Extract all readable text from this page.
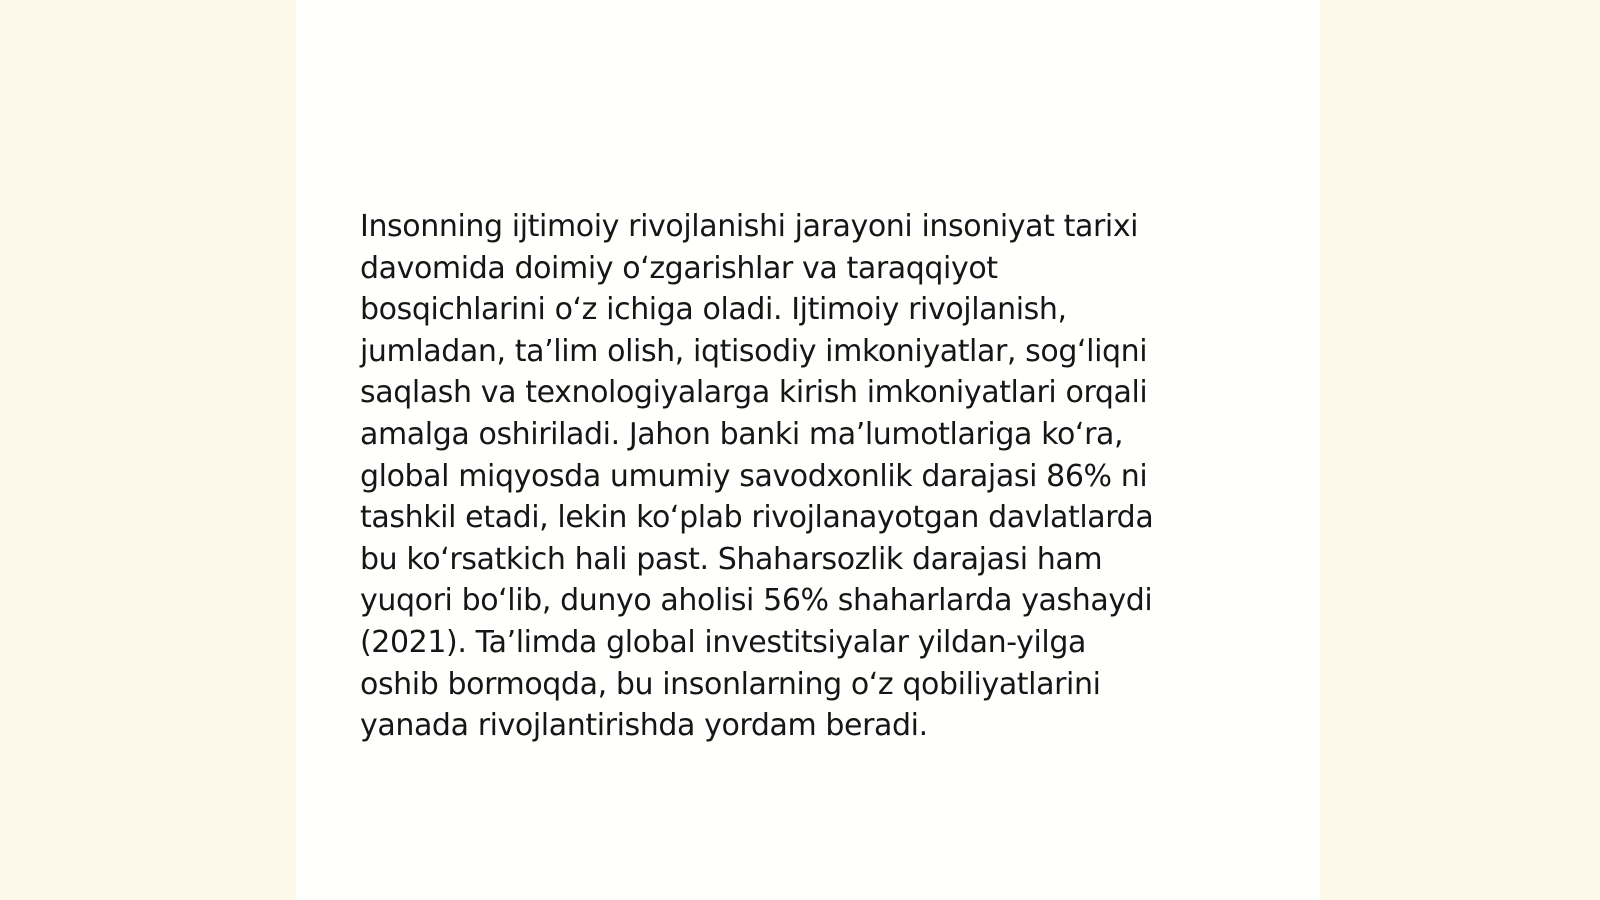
Insonning ijtimoiy rivojlanishi jarayoni insoniyat tarixi
davomida doimiy oʻzgarishlar va taraqqiyot
bosqichlarini oʻz ichiga oladi. Ijtimoiy rivojlanish,
jumladan, taʼlim olish, iqtisodiy imkoniyatlar, sogʻliqni
saqlash va texnologiyalarga kirish imkoniyatlari orqali
amalga oshiriladi. Jahon banki maʼlumotlariga koʻra,
global miqyosda umumiy savodxonlik darajasi 86% ni
tashkil etadi, lekin koʻplab rivojlanayotgan davlatlarda
bu koʻrsatkich hali past. Shaharsozlik darajasi ham
yuqori boʻlib, dunyo aholisi 56% shaharlarda yashaydi
(2021). Taʼlimda global investitsiyalar yildan-yilga
oshib bormoqda, bu insonlarning oʻz qobiliyatlarini
yanada rivojlantirishda yordam beradi.
